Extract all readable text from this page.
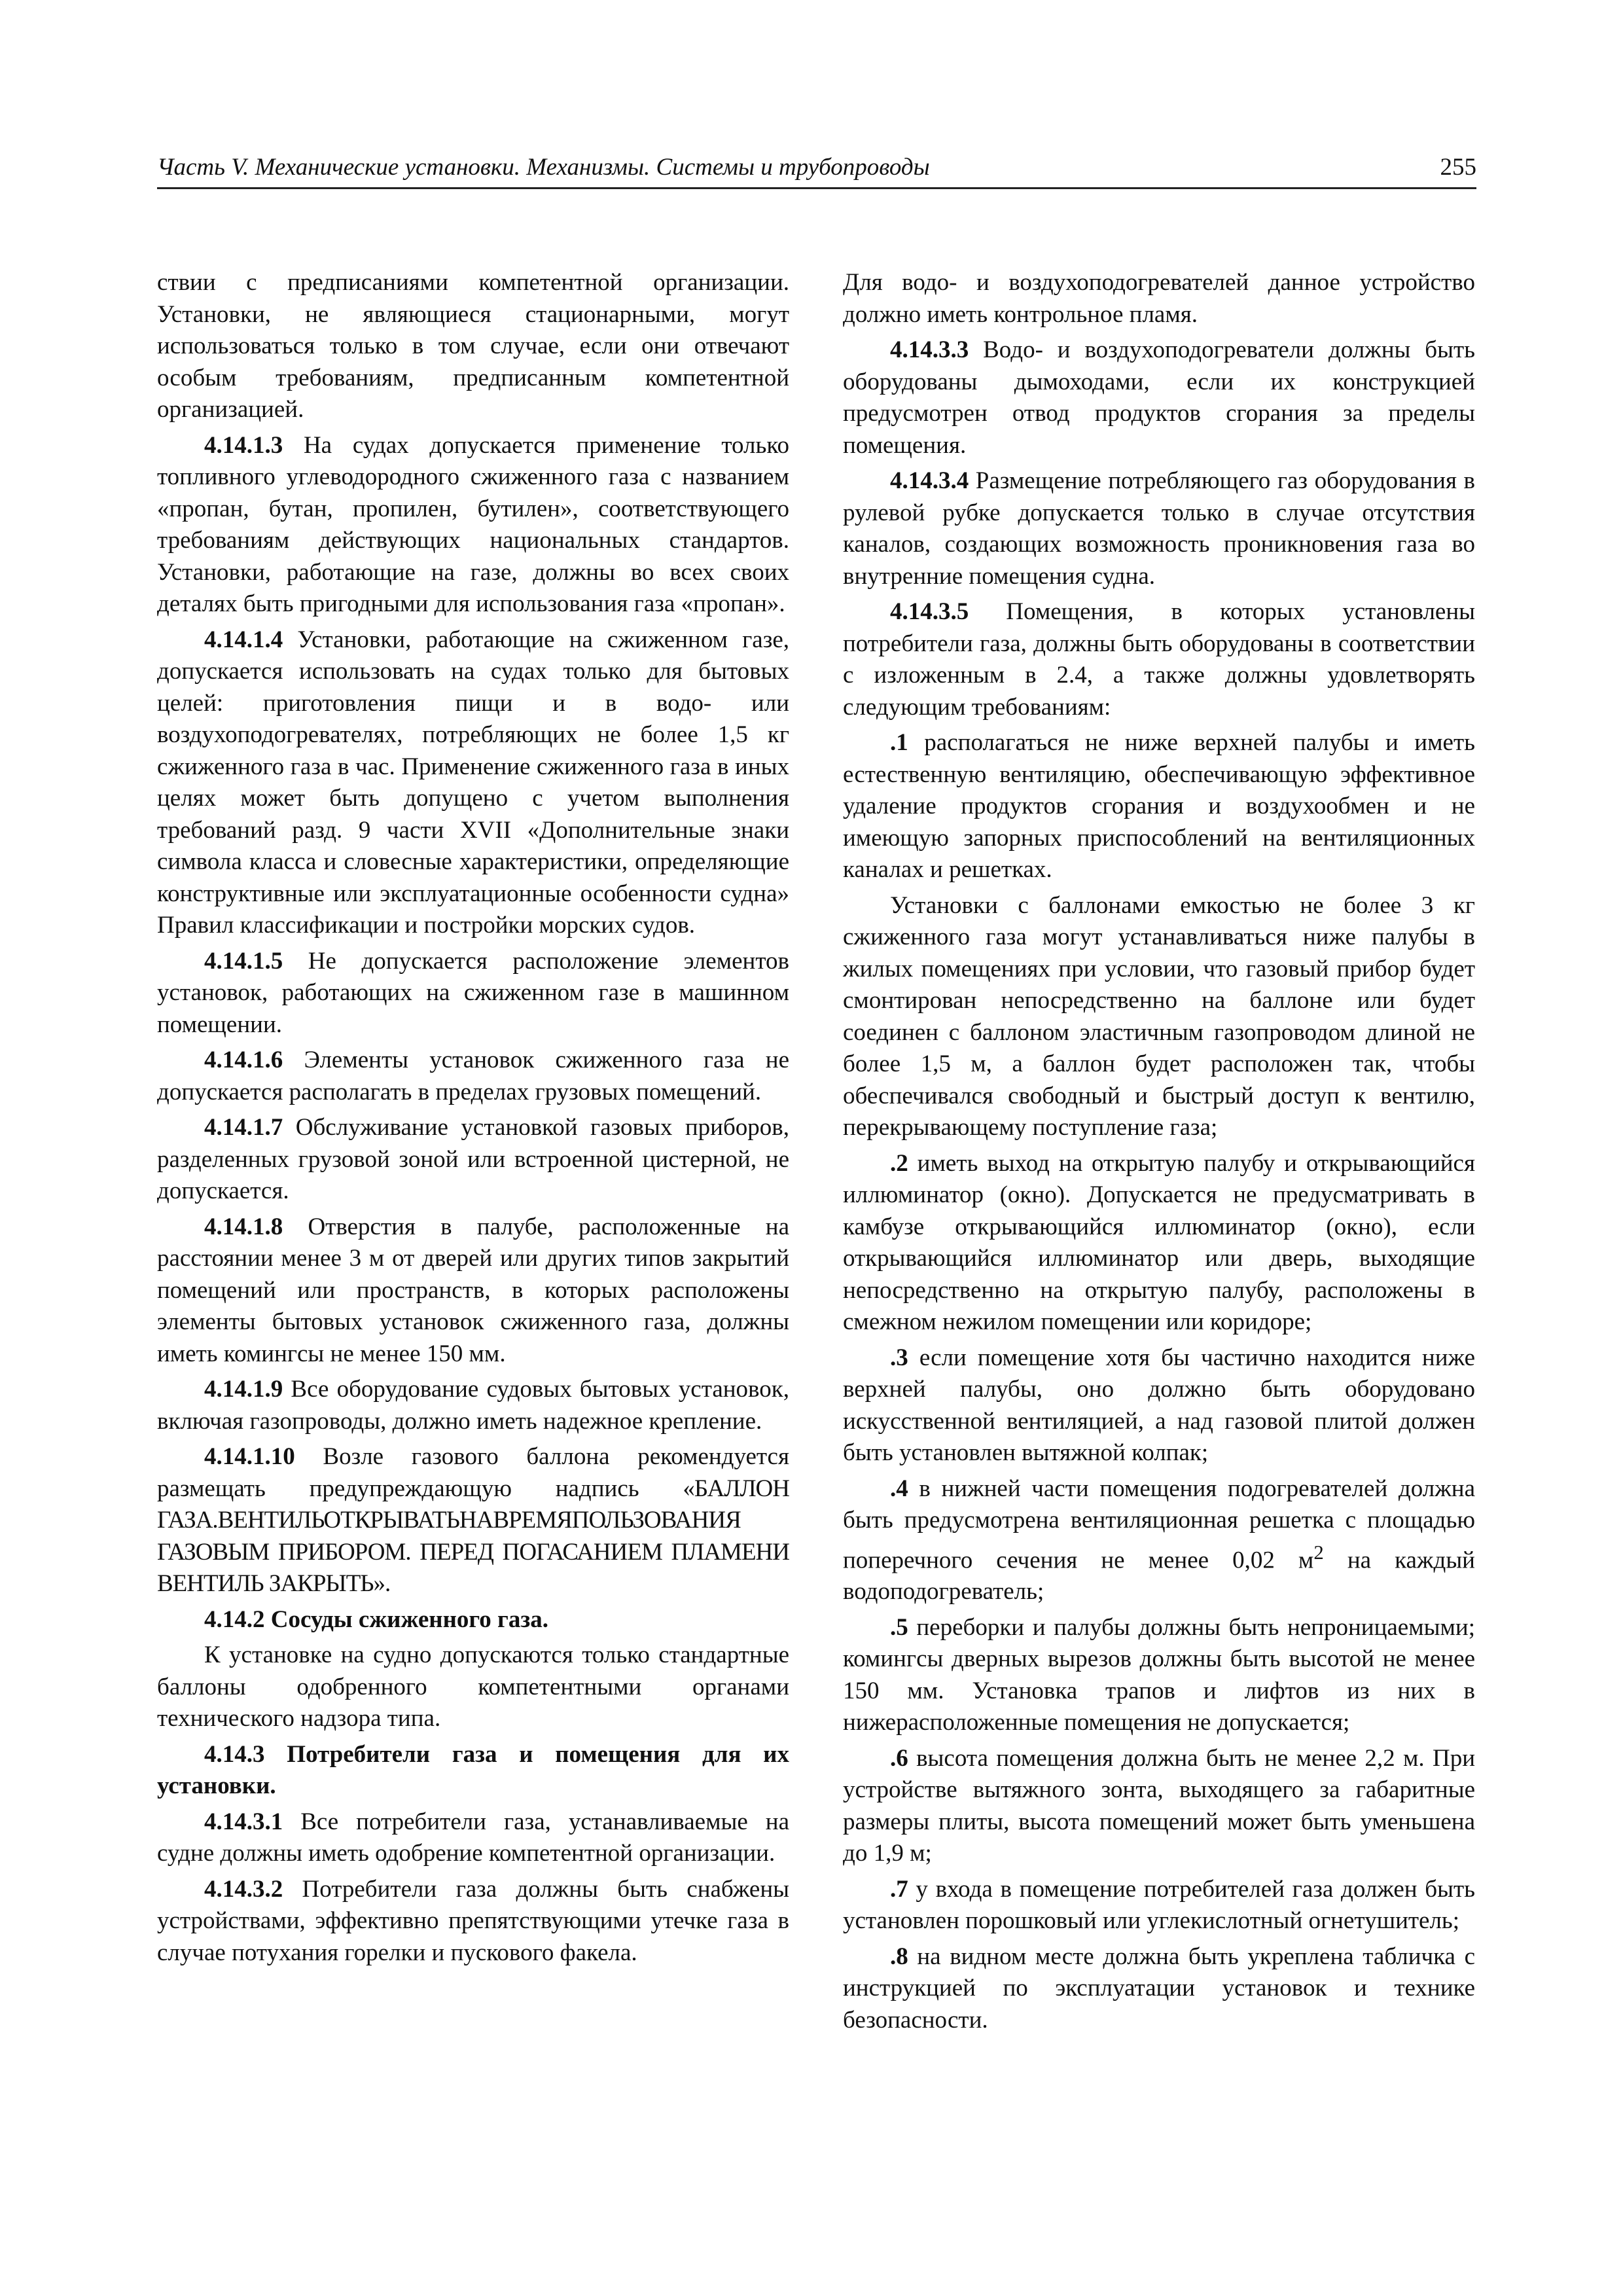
Часть V. Механические установки. Механизмы. Системы и трубопроводы	255

ствии с предписаниями компетентной организации. Установки, не являющиеся стационарными, могут использоваться только в том случае, если они отвечают особым требованиям, предписанным компетентной организацией.

4.14.1.3 На судах допускается применение только топливного углеводородного сжиженного газа с названием «пропан, бутан, пропилен, бутилен», соответствующего требованиям действующих национальных стандартов. Установки, работающие на газе, должны во всех своих деталях быть пригодными для использования газа «пропан».

4.14.1.4 Установки, работающие на сжиженном газе, допускается использовать на судах только для бытовых целей: приготовления пищи и в водо- или воздухоподогревателях, потребляющих не более 1,5 кг сжиженного газа в час. Применение сжиженного газа в иных целях может быть допущено с учетом выполнения требований разд. 9 части XVII «Дополнительные знаки символа класса и словесные характеристики, определяющие конструктивные или эксплуатационные особенности судна» Правил классификации и постройки морских судов.

4.14.1.5 Не допускается расположение элементов установок, работающих на сжиженном газе в машинном помещении.

4.14.1.6 Элементы установок сжиженного газа не допускается располагать в пределах грузовых помещений.

4.14.1.7 Обслуживание установкой газовых приборов, разделенных грузовой зоной или встроенной цистерной, не допускается.

4.14.1.8 Отверстия в палубе, расположенные на расстоянии менее 3 м от дверей или других типов закрытий помещений или пространств, в которых расположены элементы бытовых установок сжиженного газа, должны иметь комингсы не менее 150 мм.

4.14.1.9 Все оборудование судовых бытовых установок, включая газопроводы, должно иметь надежное крепление.

4.14.1.10 Возле газового баллона рекомендуется размещать предупреждающую надпись «БАЛЛОН ГАЗА.ВЕНТИЛЬОТКРЫВАТЬНАВРЕМЯПОЛЬЗОВАНИЯ ГАЗОВЫМ ПРИБОРОМ. ПЕРЕД ПОГАСАНИЕМ ПЛАМЕНИ ВЕНТИЛЬ ЗАКРЫТЬ».

4.14.2 Сосуды сжиженного газа.

К установке на судно допускаются только стандартные баллоны одобренного компетентными органами технического надзора типа.

4.14.3 Потребители газа и помещения для их установки.

4.14.3.1 Все потребители газа, устанавливаемые на судне должны иметь одобрение компетентной организации.

4.14.3.2 Потребители газа должны быть снабжены устройствами, эффективно препятствующими утечке газа в случае потухания горелки и пускового факела.

Для водо- и воздухоподогревателей данное устройство должно иметь контрольное пламя.

4.14.3.3 Водо- и воздухоподогреватели должны быть оборудованы дымоходами, если их конструкцией предусмотрен отвод продуктов сгорания за пределы помещения.

4.14.3.4 Размещение потребляющего газ оборудования в рулевой рубке допускается только в случае отсутствия каналов, создающих возможность проникновения газа во внутренние помещения судна.

4.14.3.5 Помещения, в которых установлены потребители газа, должны быть оборудованы в соответствии с изложенным в 2.4, а также должны удовлетворять следующим требованиям:

.1 располагаться не ниже верхней палубы и иметь естественную вентиляцию, обеспечивающую эффективное удаление продуктов сгорания и воздухообмен и не имеющую запорных приспособлений на вентиляционных каналах и решетках.

Установки с баллонами емкостью не более 3 кг сжиженного газа могут устанавливаться ниже палубы в жилых помещениях при условии, что газовый прибор будет смонтирован непосредственно на баллоне или будет соединен с баллоном эластичным газопроводом длиной не более 1,5 м, а баллон будет расположен так, чтобы обеспечивался свободный и быстрый доступ к вентилю, перекрывающему поступление газа;

.2 иметь выход на открытую палубу и открывающийся иллюминатор (окно). Допускается не предусматривать в камбузе открывающийся иллюминатор (окно), если открывающийся иллюминатор или дверь, выходящие непосредственно на открытую палубу, расположены в смежном нежилом помещении или коридоре;

.3 если помещение хотя бы частично находится ниже верхней палубы, оно должно быть оборудовано искусственной вентиляцией, а над газовой плитой должен быть установлен вытяжной колпак;

.4 в нижней части помещения подогревателей должна быть предусмотрена вентиляционная решетка с площадью поперечного сечения не менее 0,02 $м^2$ на каждый водоподогреватель;

.5 переборки и палубы должны быть непроницаемыми; комингсы дверных вырезов должны быть высотой не менее 150 мм. Установка трапов и лифтов из них в нижерасположенные помещения не допускается;

.6 высота помещения должна быть не менее 2,2 м. При устройстве вытяжного зонта, выходящего за габаритные размеры плиты, высота помещений может быть уменьшена до 1,9 м;

.7 у входа в помещение потребителей газа должен быть установлен порошковый или углекислотный огнетушитель;

.8 на видном месте должна быть укреплена табличка с инструкцией по эксплуатации установок и технике безопасности.
